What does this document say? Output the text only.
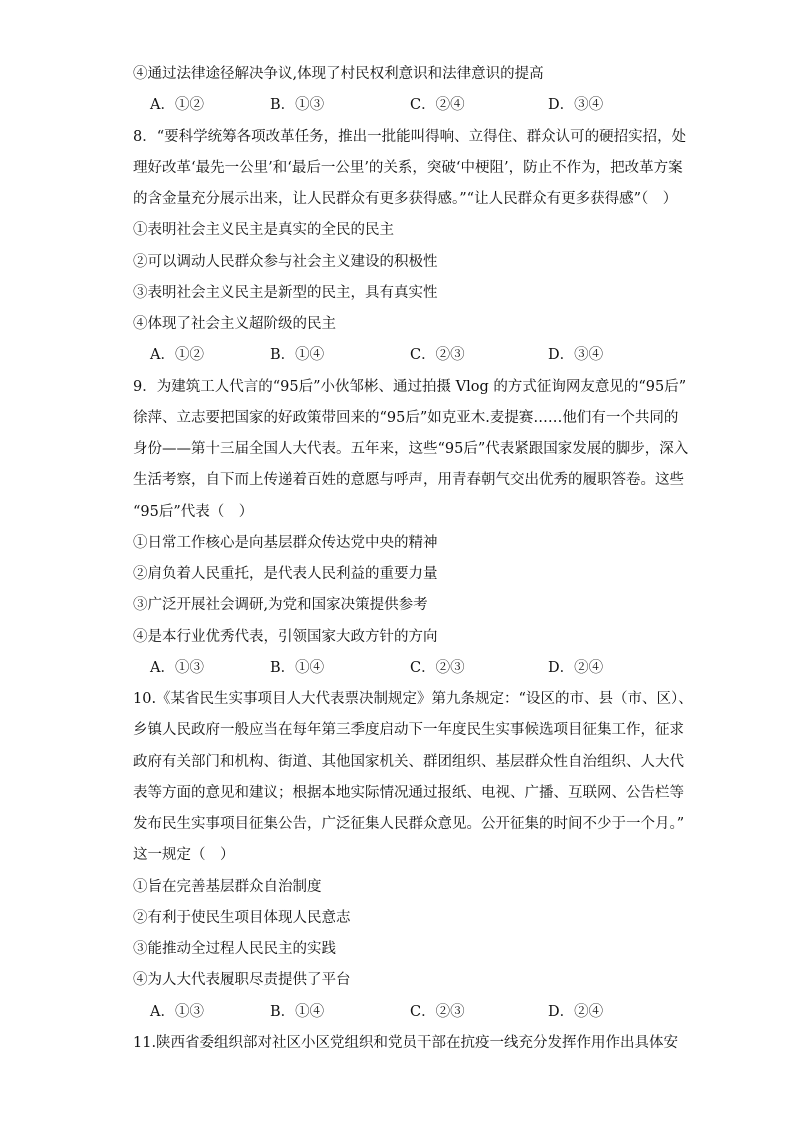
④通过法律途径解决争议,体现了村民权利意识和法律意识的提高
A．①②	B．①③	C．②④	D．③④
8．“要科学统筹各项改革任务，推出一批能叫得响、立得住、群众认可的硬招实招，处
理好改革‘最先一公里’和‘最后一公里’的关系，突破‘中梗阻’，防止不作为，把改革方案
的含金量充分展示出来，让人民群众有更多获得感。”“让人民群众有更多获得感”（　）
①表明社会主义民主是真实的全民的民主
②可以调动人民群众参与社会主义建设的积极性
③表明社会主义民主是新型的民主，具有真实性
④体现了社会主义超阶级的民主
A．①②	B．①④	C．②③	D．③④
9．为建筑工人代言的“95后”小伙邹彬、通过拍摄 Vlog 的方式征询网友意见的“95后”
徐萍、立志要把国家的好政策带回来的“95后”如克亚木.麦提赛……他们有一个共同的
身份——第十三届全国人大代表。五年来，这些“95后”代表紧跟国家发展的脚步，深入
生活考察，自下而上传递着百姓的意愿与呼声，用青春朝气交出优秀的履职答卷。这些
“95后”代表（　）
①日常工作核心是向基层群众传达党中央的精神
②肩负着人民重托，是代表人民利益的重要力量
③广泛开展社会调研,为党和国家决策提供参考
④是本行业优秀代表，引领国家大政方针的方向
A．①③	B．①④	C．②③	D．②④
10.《某省民生实事项目人大代表票决制规定》第九条规定：“设区的市、县（市、区）、
乡镇人民政府一般应当在每年第三季度启动下一年度民生实事候选项目征集工作，征求
政府有关部门和机构、街道、其他国家机关、群团组织、基层群众性自治组织、人大代
表等方面的意见和建议；根据本地实际情况通过报纸、电视、广播、互联网、公告栏等
发布民生实事项目征集公告，广泛征集人民群众意见。公开征集的时间不少于一个月。”
这一规定（　）
①旨在完善基层群众自治制度
②有利于使民生项目体现人民意志
③能推动全过程人民民主的实践
④为人大代表履职尽责提供了平台
A．①③	B．①④	C．②③	D．②④
11.陕西省委组织部对社区小区党组织和党员干部在抗疫一线充分发挥作用作出具体安
